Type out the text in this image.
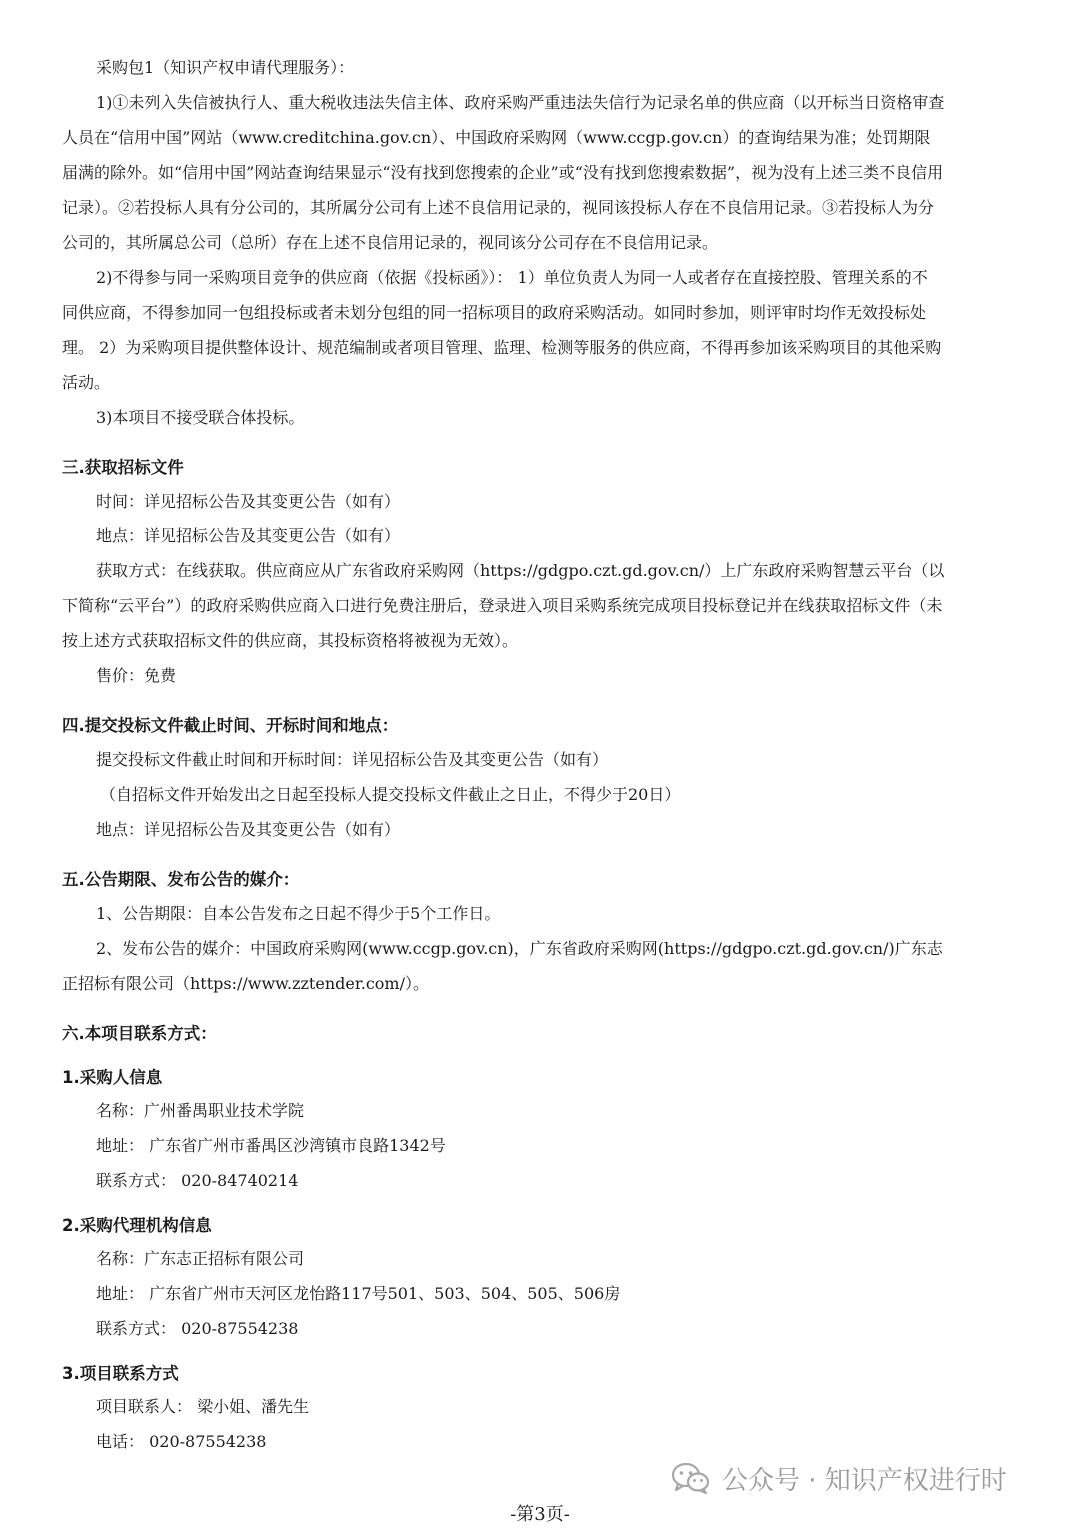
采购包1（知识产权申请代理服务）：
1)①未列入失信被执行人、重大税收违法失信主体、政府采购严重违法失信行为记录名单的供应商（以开标当日资格审查
人员在“信用中国”网站（www.creditchina.gov.cn）、中国政府采购网（www.ccgp.gov.cn）的查询结果为准；处罚期限
届满的除外。如“信用中国”网站查询结果显示“没有找到您搜索的企业”或“没有找到您搜索数据”，视为没有上述三类不良信用
记录）。②若投标人具有分公司的，其所属分公司有上述不良信用记录的，视同该投标人存在不良信用记录。③若投标人为分
公司的，其所属总公司（总所）存在上述不良信用记录的，视同该分公司存在不良信用记录。
2)不得参与同一采购项目竞争的供应商（依据《投标函》）： 1）单位负责人为同一人或者存在直接控股、管理关系的不
同供应商，不得参加同一包组投标或者未划分包组的同一招标项目的政府采购活动。如同时参加，则评审时均作无效投标处
理。 2）为采购项目提供整体设计、规范编制或者项目管理、监理、检测等服务的供应商，不得再参加该采购项目的其他采购
活动。
3)本项目不接受联合体投标。
三.获取招标文件
时间：详见招标公告及其变更公告（如有）
地点：详见招标公告及其变更公告（如有）
获取方式：在线获取。供应商应从广东省政府采购网（https://gdgpo.czt.gd.gov.cn/）上广东政府采购智慧云平台（以
下简称“云平台”）的政府采购供应商入口进行免费注册后，登录进入项目采购系统完成项目投标登记并在线获取招标文件（未
按上述方式获取招标文件的供应商，其投标资格将被视为无效）。
售价：免费
四.提交投标文件截止时间、开标时间和地点：
提交投标文件截止时间和开标时间：详见招标公告及其变更公告（如有）
（自招标文件开始发出之日起至投标人提交投标文件截止之日止，不得少于20日）
地点：详见招标公告及其变更公告（如有）
五.公告期限、发布公告的媒介：
1、公告期限：自本公告发布之日起不得少于5个工作日。
2、发布公告的媒介：中国政府采购网(www.ccgp.gov.cn)，广东省政府采购网(https://gdgpo.czt.gd.gov.cn/)广东志
正招标有限公司（https://www.zztender.com/）。
六.本项目联系方式：
1.采购人信息
名称：广州番禺职业技术学院
地址： 广东省广州市番禺区沙湾镇市良路1342号
联系方式： 020-84740214
2.采购代理机构信息
名称：广东志正招标有限公司
地址： 广东省广州市天河区龙怡路117号501、503、504、505、506房
联系方式： 020-87554238
3.项目联系方式
项目联系人： 梁小姐、潘先生
电话： 020-87554238
公众号 · 知识产权进行时
-第3页-
